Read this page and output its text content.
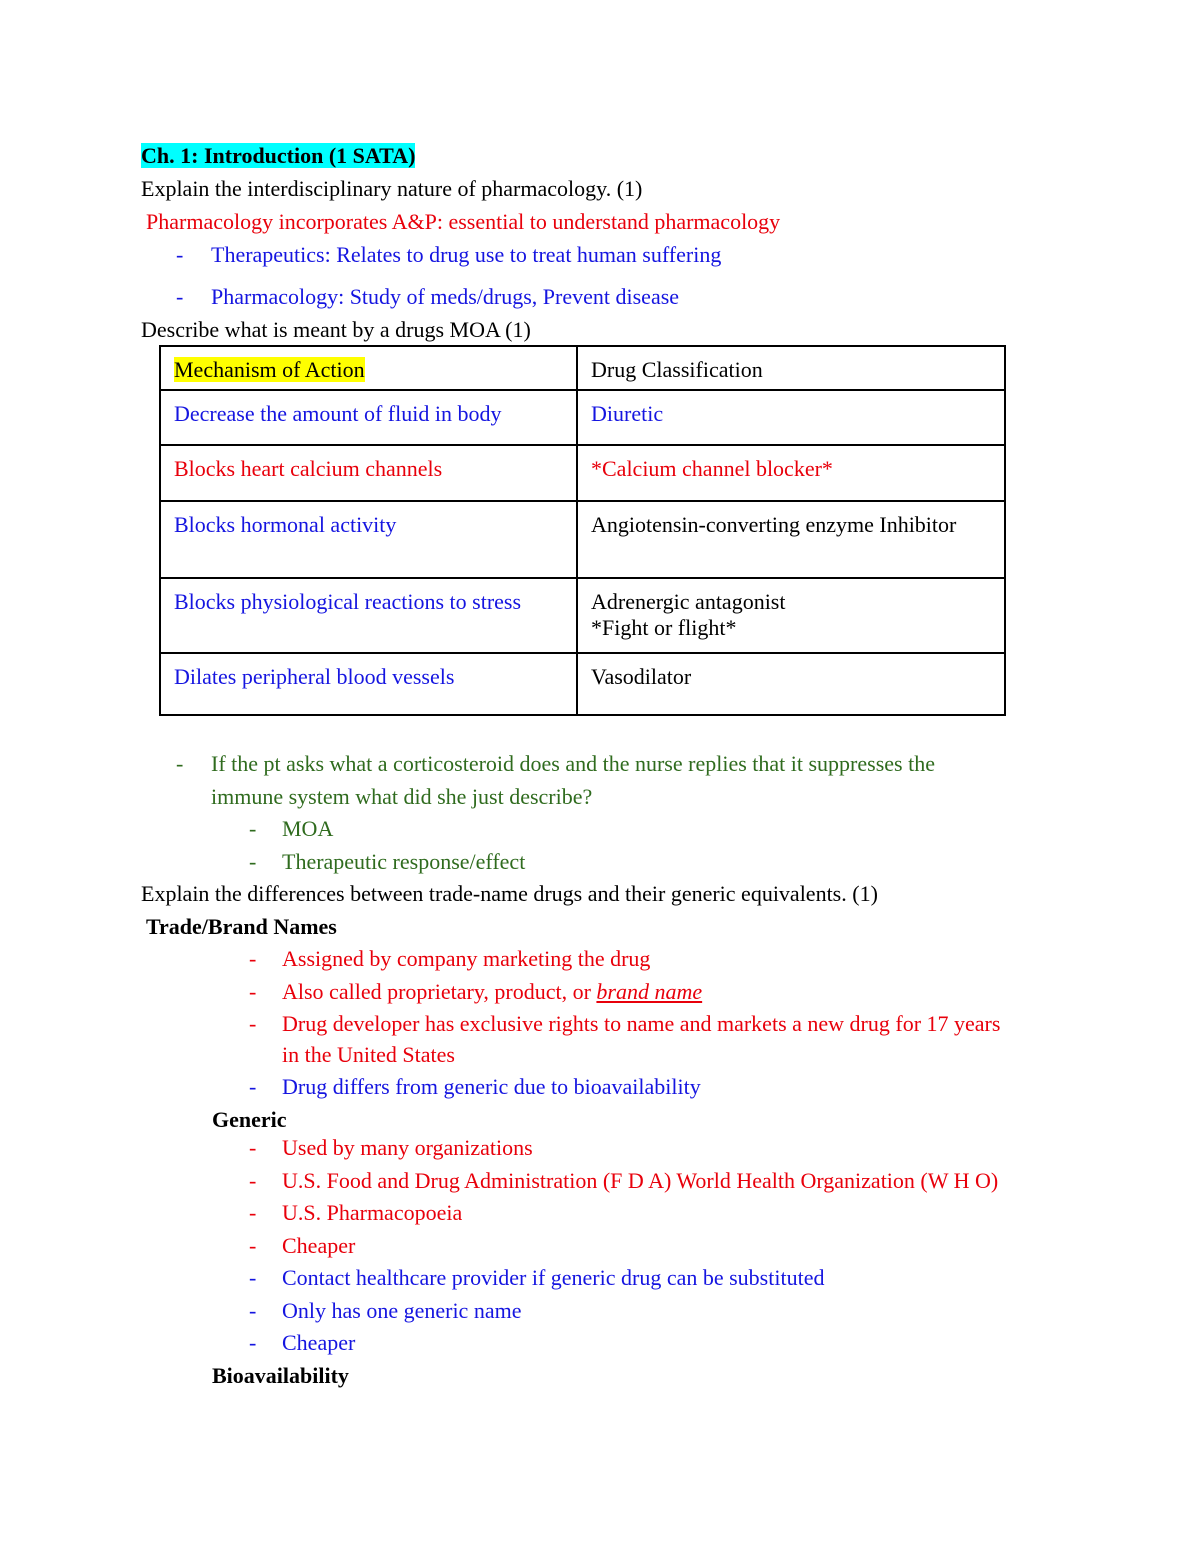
Ch. 1: Introduction (1 SATA)
Explain the interdisciplinary nature of pharmacology. (1)
Pharmacology incorporates A&P: essential to understand pharmacology
- Therapeutics: Relates to drug use to treat human suffering
- Pharmacology: Study of meds/drugs, Prevent disease
Describe what is meant by a drugs MOA (1)
Mechanism of Action	Drug Classification
Decrease the amount of fluid in body	Diuretic
Blocks heart calcium channels	*Calcium channel blocker*
Blocks hormonal activity	Angiotensin-converting enzyme Inhibitor
Blocks physiological reactions to stress	Adrenergic antagonist
*Fight or flight*

Dilates peripheral blood vessels	Vasodilator
- If the pt asks what a corticosteroid does and the nurse replies that it suppresses the
immune system what did she just describe?
- MOA
- Therapeutic response/effect
Explain the differences between trade-name drugs and their generic equivalents. (1)
Trade/Brand Names
- Assigned by company marketing the drug
- Also called proprietary, product, or brand name
- Drug developer has exclusive rights to name and markets a new drug for 17 years
in the United States
- Drug differs from generic due to bioavailability
Generic
- Used by many organizations
- U.S. Food and Drug Administration (F D A) World Health Organization (W H O)
- U.S. Pharmacopoeia
- Cheaper
- Contact healthcare provider if generic drug can be substituted
- Only has one generic name
- Cheaper
Bioavailability
